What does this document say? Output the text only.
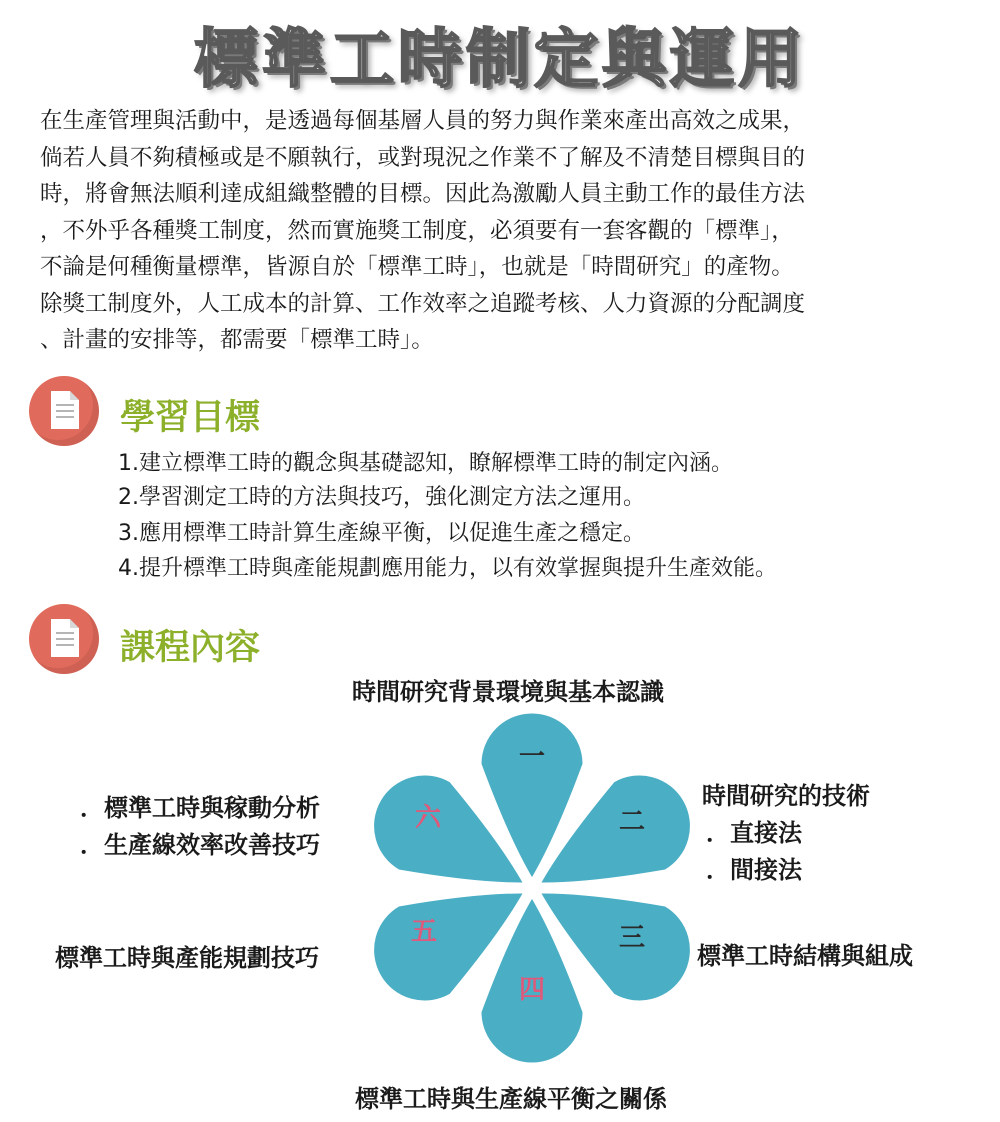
標準工時制定與運用
在生產管理與活動中，是透過每個基層人員的努力與作業來產出高效之成果，
倘若人員不夠積極或是不願執行，或對現況之作業不了解及不清楚目標與目的
時，將會無法順利達成組織整體的目標。因此為激勵人員主動工作的最佳方法
，不外乎各種獎工制度，然而實施獎工制度，必須要有一套客觀的「標準」，
不論是何種衡量標準，皆源自於「標準工時」，也就是「時間研究」的產物。
除獎工制度外，人工成本的計算、工作效率之追蹤考核、人力資源的分配調度
、計畫的安排等，都需要「標準工時」。
學習目標
1.建立標準工時的觀念與基礎認知，瞭解標準工時的制定內涵。
2.學習測定工時的方法與技巧，強化測定方法之運用。
3.應用標準工時計算生產線平衡，以促進生產之穩定。
4.提升標準工時與產能規劃應用能力，以有效掌握與提升生產效能。
課程內容
一
二
三
四
五
六
時間研究背景環境與基本認識
時間研究的技術
．直接法
．間接法
標準工時結構與組成
標準工時與生產線平衡之關係
標準工時與產能規劃技巧
．標準工時與稼動分析
．生產線效率改善技巧
